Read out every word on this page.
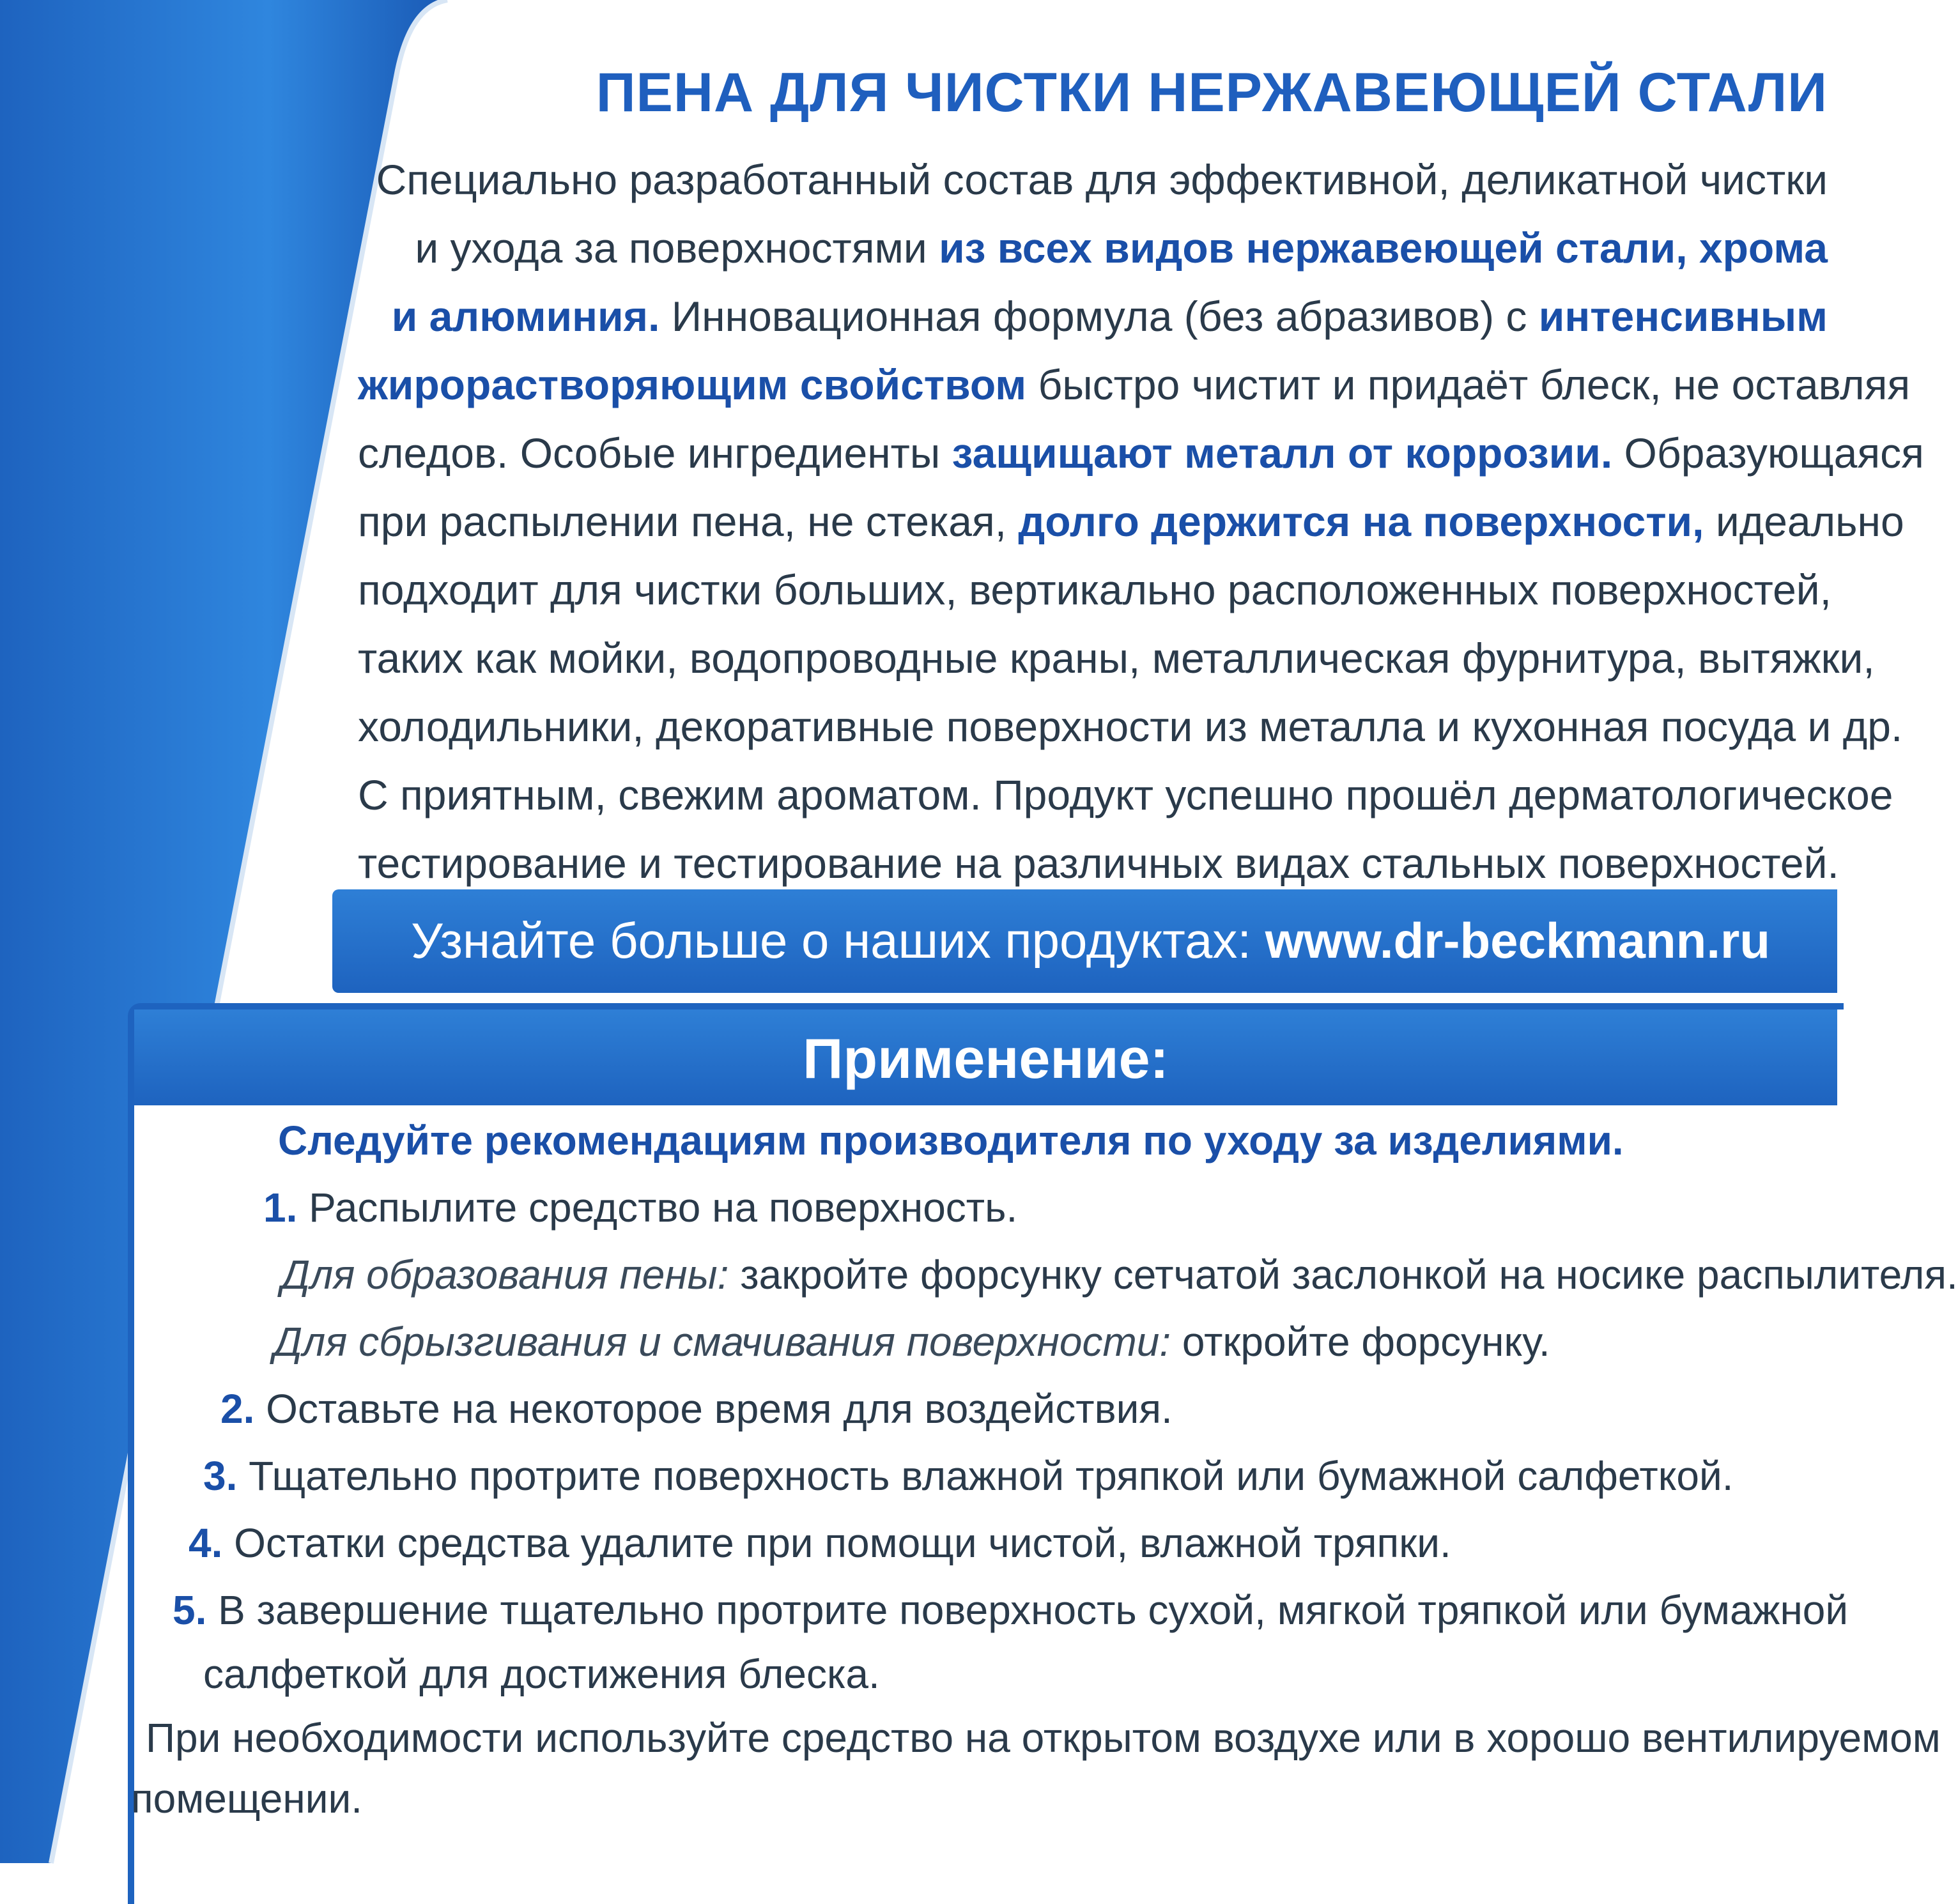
ПЕНА ДЛЯ ЧИСТКИ НЕРЖАВЕЮЩЕЙ СТАЛИ
Специально разработанный состав для эффективной, деликатной чистки
и ухода за поверхностями из всех видов нержавеющей стали, хрома
и алюминия. Инновационная формула (без абразивов) с интенсивным
жирорастворяющим свойством быстро чистит и придаёт блеск, не оставляя
следов. Особые ингредиенты защищают металл от коррозии. Образующаяся
при распылении пена, не стекая, долго держится на поверхности, идеально
подходит для чистки больших, вертикально расположенных поверхностей,
таких как мойки, водопроводные краны, металлическая фурнитура, вытяжки,
холодильники, декоративные поверхности из металла и кухонная посуда и др.
С приятным, свежим ароматом. Продукт успешно прошёл дерматологическое
тестирование и тестирование на различных видах стальных поверхностей.
Узнайте больше о наших продуктах: www.dr-beckmann.ru
Применение:
Следуйте рекомендациям производителя по уходу за изделиями.
1. Распылите средство на поверхность.
Для образования пены: закройте форсунку сетчатой заслонкой на носике распылителя.
Для сбрызгивания и смачивания поверхности: откройте форсунку.
2. Оставьте на некоторое время для воздействия.
3. Тщательно протрите поверхность влажной тряпкой или бумажной салфеткой.
4. Остатки средства удалите при помощи чистой, влажной тряпки.
5. В завершение тщательно протрите поверхность сухой, мягкой тряпкой или бумажной
салфеткой для достижения блеска.
При необходимости используйте средство на открытом воздухе или в хорошо вентилируемом
помещении.
